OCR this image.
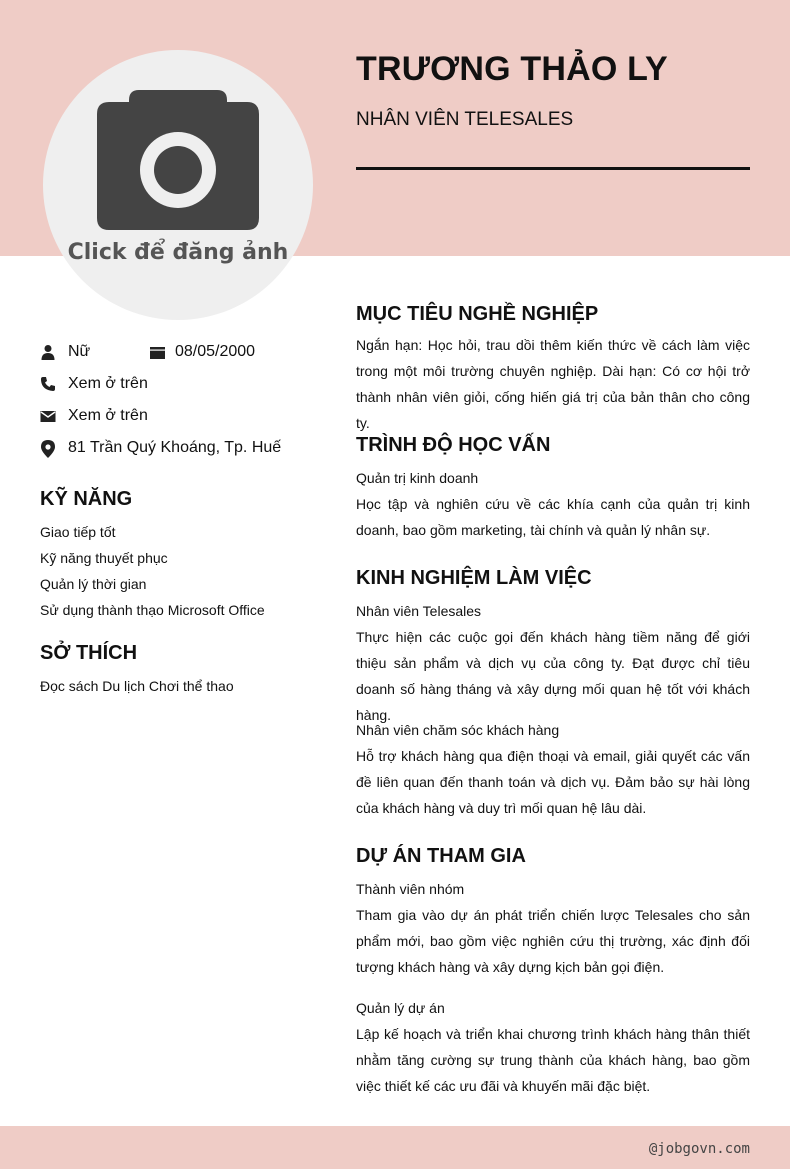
Click để đăng ảnh
TRƯƠNG THẢO LY
NHÂN VIÊN TELESALES
Nữ	08/05/2000
Xem ở trên
Xem ở trên
81 Trần Quý Khoáng, Tp. Huế
KỸ NĂNG
Giao tiếp tốt
Kỹ năng thuyết phục
Quản lý thời gian
Sử dụng thành thạo Microsoft Office
SỞ THÍCH
Đọc sách Du lịch Chơi thể thao
MỤC TIÊU NGHỀ NGHIỆP
Ngắn hạn: Học hỏi, trau dồi thêm kiến thức về cách làm việc trong một môi trường chuyên nghiệp. Dài hạn: Có cơ hội trở thành nhân viên giỏi, cống hiến giá trị của bản thân cho công ty.
TRÌNH ĐỘ HỌC VẤN
Quản trị kinh doanh
Học tập và nghiên cứu về các khía cạnh của quản trị kinh doanh, bao gồm marketing, tài chính và quản lý nhân sự.
KINH NGHIỆM LÀM VIỆC
Nhân viên Telesales
Thực hiện các cuộc gọi đến khách hàng tiềm năng để giới thiệu sản phẩm và dịch vụ của công ty. Đạt được chỉ tiêu doanh số hàng tháng và xây dựng mối quan hệ tốt với khách hàng.
Nhân viên chăm sóc khách hàng
Hỗ trợ khách hàng qua điện thoại và email, giải quyết các vấn đề liên quan đến thanh toán và dịch vụ. Đảm bảo sự hài lòng của khách hàng và duy trì mối quan hệ lâu dài.
DỰ ÁN THAM GIA
Thành viên nhóm
Tham gia vào dự án phát triển chiến lược Telesales cho sản phẩm mới, bao gồm việc nghiên cứu thị trường, xác định đối tượng khách hàng và xây dựng kịch bản gọi điện.
Quản lý dự án
Lập kế hoạch và triển khai chương trình khách hàng thân thiết nhằm tăng cường sự trung thành của khách hàng, bao gồm việc thiết kế các ưu đãi và khuyến mãi đặc biệt.
@jobgovn.com
